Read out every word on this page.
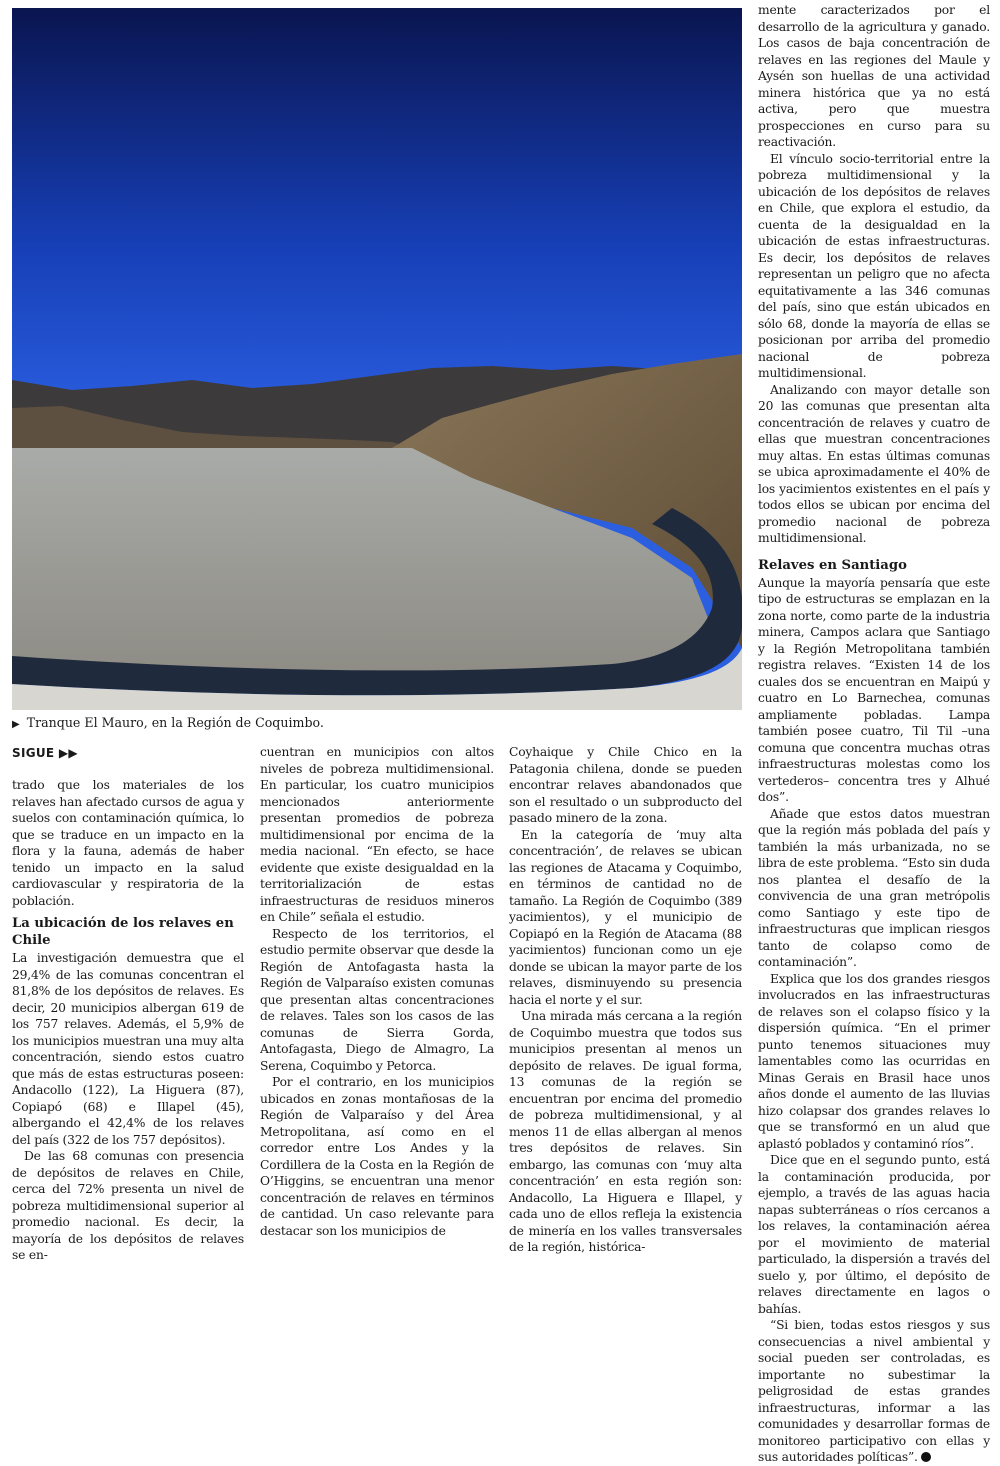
▶ Tranque El Mauro, en la Región de Coquimbo.
SIGUE ▶▶

trado que los materiales de los relaves han afectado cursos de agua y suelos con contaminación química, lo que se traduce en un impacto en la flora y la fauna, además de haber tenido un impacto en la salud cardiovascular y respiratoria de la población.

La ubicación de los relaves en Chile

La investigación demuestra que el 29,4% de las comunas concentran el 81,8% de los depósitos de relaves. Es decir, 20 municipios albergan 619 de los 757 relaves. Además, el 5,9% de los municipios muestran una muy alta concentración, siendo estos cuatro que más de estas estructuras poseen: Andacollo (122), La Higuera (87), Copiapó (68) e Illapel (45), albergando el 42,4% de los relaves del país (322 de los 757 depósitos).

De las 68 comunas con presencia de depósitos de relaves en Chile, cerca del 72% presenta un nivel de pobreza multidimensional superior al promedio nacional. Es decir, la mayoría de los depósitos de relaves se en-

cuentran en municipios con altos niveles de pobreza multidimensional. En particular, los cuatro municipios mencionados anteriormente presentan promedios de pobreza multidimensional por encima de la media nacional. “En efecto, se hace evidente que existe desigualdad en la territorialización de estas infraestructuras de residuos mineros en Chile” señala el estudio.

Respecto de los territorios, el estudio permite observar que desde la Región de Antofagasta hasta la Región de Valparaíso existen comunas que presentan altas concentraciones de relaves. Tales son los casos de las comunas de Sierra Gorda, Antofagasta, Diego de Almagro, La Serena, Coquimbo y Petorca.

Por el contrario, en los municipios ubicados en zonas montañosas de la Región de Valparaíso y del Área Metropolitana, así como en el corredor entre Los Andes y la Cordillera de la Costa en la Región de O’Higgins, se encuentran una menor concentración de relaves en términos de cantidad. Un caso relevante para destacar son los municipios de

Coyhaique y Chile Chico en la Patagonia chilena, donde se pueden encontrar relaves abandonados que son el resultado o un subproducto del pasado minero de la zona.

En la categoría de ‘muy alta concentración’, de relaves se ubican las regiones de Atacama y Coquimbo, en términos de cantidad no de tamaño. La Región de Coquimbo (389 yacimientos), y el municipio de Copiapó en la Región de Atacama (88 yacimientos) funcionan como un eje donde se ubican la mayor parte de los relaves, disminuyendo su presencia hacia el norte y el sur.

Una mirada más cercana a la región de Coquimbo muestra que todos sus municipios presentan al menos un depósito de relaves. De igual forma, 13 comunas de la región se encuentran por encima del promedio de pobreza multidimensional, y al menos 11 de ellas albergan al menos tres depósitos de relaves. Sin embargo, las comunas con ‘muy alta concentración’ en esta región son: Andacollo, La Higuera e Illapel, y cada uno de ellos refleja la existencia de minería en los valles transversales de la región, histórica-

mente caracterizados por el desarrollo de la agricultura y ganado. Los casos de baja concentración de relaves en las regiones del Maule y Aysén son huellas de una actividad minera histórica que ya no está activa, pero que muestra prospecciones en curso para su reactivación.

El vínculo socio-territorial entre la pobreza multidimensional y la ubicación de los depósitos de relaves en Chile, que explora el estudio, da cuenta de la desigualdad en la ubicación de estas infraestructuras. Es decir, los depósitos de relaves representan un peligro que no afecta equitativamente a las 346 comunas del país, sino que están ubicados en sólo 68, donde la mayoría de ellas se posicionan por arriba del promedio nacional de pobreza multidimensional.

Analizando con mayor detalle son 20 las comunas que presentan alta concentración de relaves y cuatro de ellas que muestran concentraciones muy altas. En estas últimas comunas se ubica aproximadamente el 40% de los yacimientos existentes en el país y todos ellos se ubican por encima del promedio nacional de pobreza multidimensional.

Relaves en Santiago

Aunque la mayoría pensaría que este tipo de estructuras se emplazan en la zona norte, como parte de la industria minera, Campos aclara que Santiago y la Región Metropolitana también registra relaves. “Existen 14 de los cuales dos se encuentran en Maipú y cuatro en Lo Barnechea, comunas ampliamente pobladas. Lampa también posee cuatro, Til Til –una comuna que concentra muchas otras infraestructuras molestas como los vertederos– concentra tres y Alhué dos”.

Añade que estos datos muestran que la región más poblada del país y también la más urbanizada, no se libra de este problema. “Esto sin duda nos plantea el desafío de la convivencia de una gran metrópolis como Santiago y este tipo de infraestructuras que implican riesgos tanto de colapso como de contaminación”.

Explica que los dos grandes riesgos involucrados en las infraestructuras de relaves son el colapso físico y la dispersión química. “En el primer punto tenemos situaciones muy lamentables como las ocurridas en Minas Gerais en Brasil hace unos años donde el aumento de las lluvias hizo colapsar dos grandes relaves lo que se transformó en un alud que aplastó poblados y contaminó ríos”.

Dice que en el segundo punto, está la contaminación producida, por ejemplo, a través de las aguas hacia napas subterráneas o ríos cercanos a los relaves, la contaminación aérea por el movimiento de material particulado, la dispersión a través del suelo y, por último, el depósito de relaves directamente en lagos o bahías.

“Si bien, todas estos riesgos y sus consecuencias a nivel ambiental y social pueden ser controladas, es importante no subestimar la peligrosidad de estas grandes infraestructuras, informar a las comunidades y desarrollar formas de monitoreo participativo con ellas y sus autoridades políticas”.
